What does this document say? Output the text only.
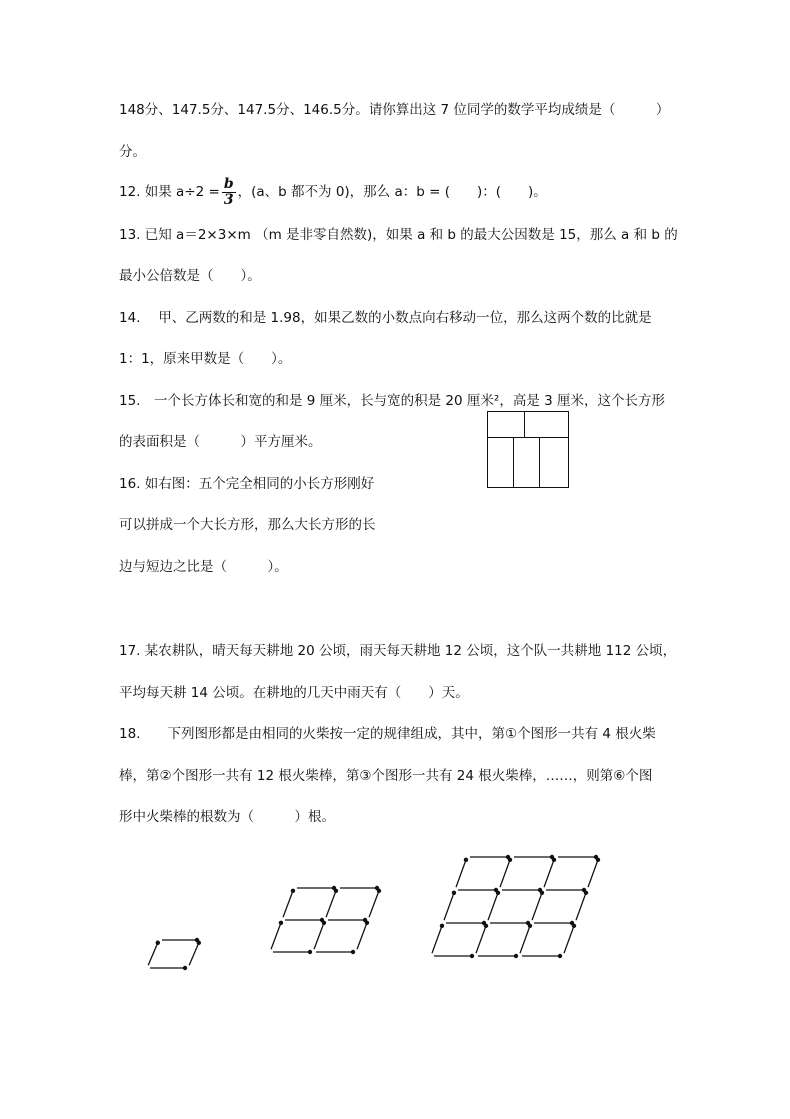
148分、147.5分、147.5分、146.5分。请你算出这 7 位同学的数学平均成绩是（　　　）
分。
12. 如果 $a\div 2 = \frac{b}{3}$ ，(a、b 都不为 0)，那么 a：b = (　　)：(　　)。
13. 已知 a＝2×3×m （m 是非零自然数)，如果 a 和 b 的最大公因数是 15，那么 a 和 b 的
最小公倍数是（　　）。
14.　 甲、乙两数的和是 1.98，如果乙数的小数点向右移动一位，那么这两个数的比就是
1：1，原来甲数是（　　）。
15.　一个长方体长和宽的和是 9 厘米，长与宽的积是 20 厘米²，高是 3 厘米，这个长方形
的表面积是（　　　）平方厘米。
16. 如右图：五个完全相同的小长方形刚好
可以拼成一个大长方形，那么大长方形的长
边与短边之比是（　　　）。
17. 某农耕队，晴天每天耕地 20 公顷，雨天每天耕地 12 公顷，这个队一共耕地 112 公顷，
平均每天耕 14 公顷。在耕地的几天中雨天有（　　）天。
18.　　下列图形都是由相同的火柴按一定的规律组成，其中，第①个图形一共有 4 根火柴
棒，第②个图形一共有 12 根火柴棒，第③个图形一共有 24 根火柴棒，……，则第⑥个图
形中火柴棒的根数为（　　　）根。
